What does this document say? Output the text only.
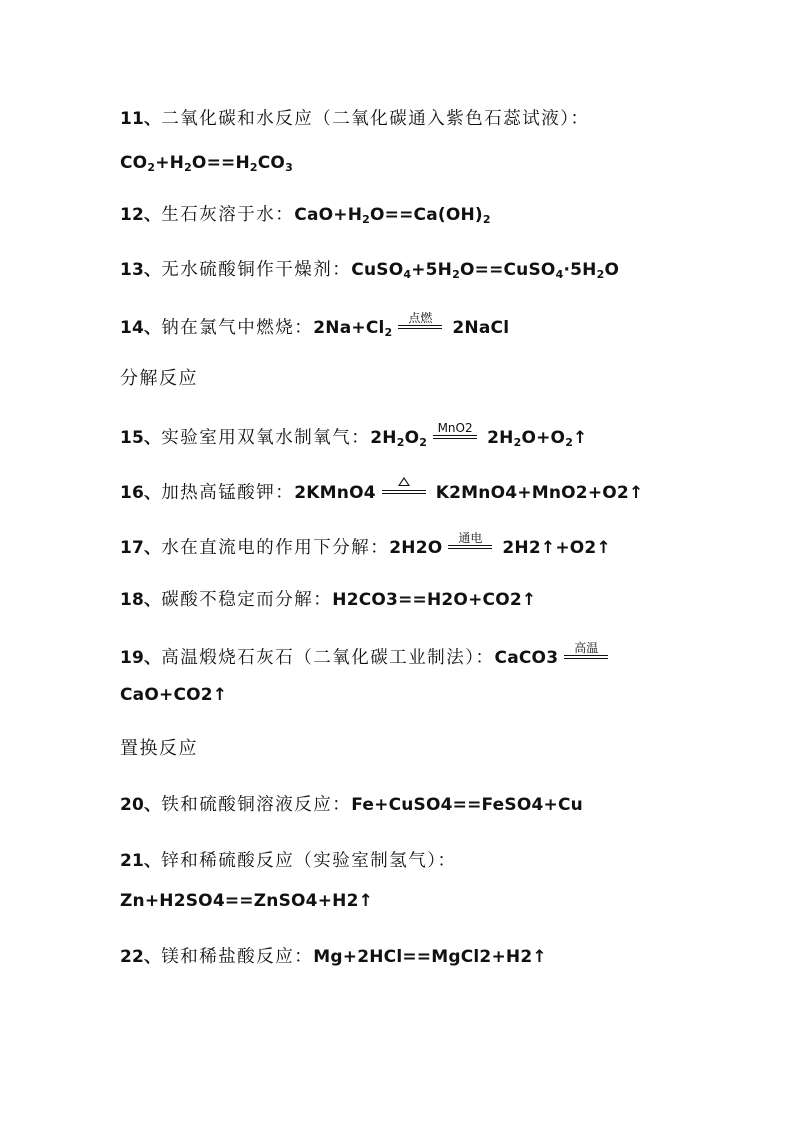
11、二氧化碳和水反应（二氧化碳通入紫色石蕊试液）：
$CO_2+H_2O==H_2CO_3$
12、生石灰溶于水：$CaO+H_2O==Ca(OH)_2$
13、无水硫酸铜作干燥剂：$CuSO_4+5H_2O==CuSO_4\cdot 5H_2O$
14、钠在氯气中燃烧：$2Na+Cl_2$
点燃	2NaCl
分解反应
15、实验室用双氧水制氧气：$2H_2O_2$
MnO2 $2H_2O+O_2↑$
16、加热高锰酸钾：2KMnO4	K2MnO4+MnO2+O2↑
17、水在直流电的作用下分解：2H2O	通电	2H2↑+O2↑
18、碳酸不稳定而分解：H2CO3==H2O+CO2↑
19、高温煅烧石灰石（二氧化碳工业制法）：CaCO3	高温
CaO+CO2↑
置换反应
20、铁和硫酸铜溶液反应：Fe+CuSO4==FeSO4+Cu
21、锌和稀硫酸反应（实验室制氢气）：
Zn+H2SO4==ZnSO4+H2↑
22、镁和稀盐酸反应：Mg+2HCl==MgCl2+H2↑
